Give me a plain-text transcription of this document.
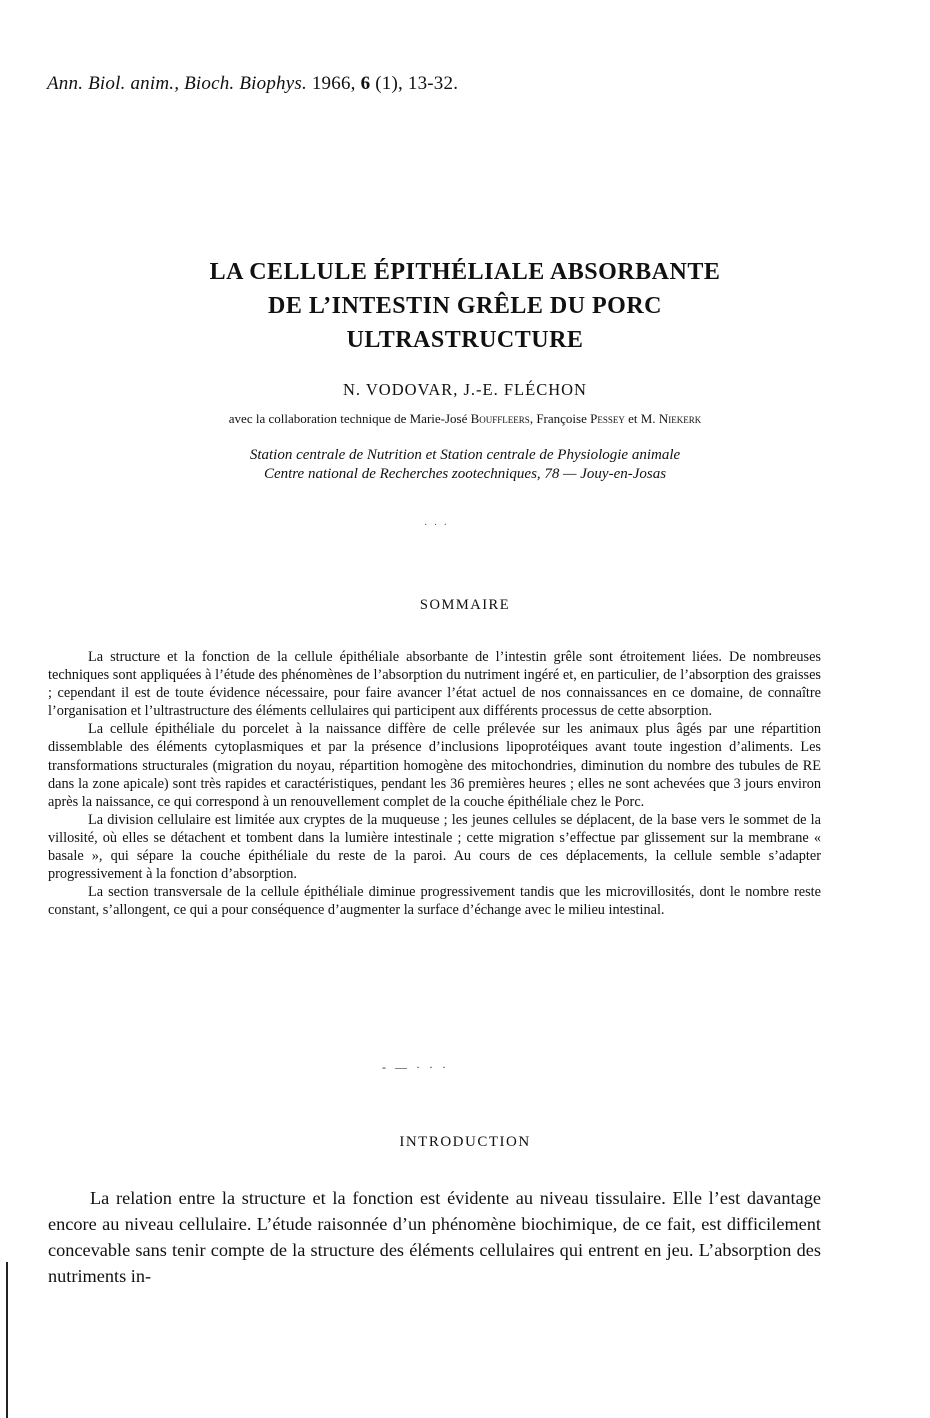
Ann. Biol. anim., Bioch. Biophys. 1966, 6 (1), 13-32.
LA CELLULE ÉPITHÉLIALE ABSORBANTE
DE L’INTESTIN GRÊLE DU PORC
ULTRASTRUCTURE
N. VODOVAR, J.-E. FLÉCHON
avec la collaboration technique de Marie-José Bouffleers, Françoise Pessey et M. Niekerk
Station centrale de Nutrition et Station centrale de Physiologie animale
Centre national de Recherches zootechniques, 78 — Jouy-en-Josas
· · ·
SOMMAIRE

La structure et la fonction de la cellule épithéliale absorbante de l’intestin grêle sont étroitement liées. De nombreuses techniques sont appliquées à l’étude des phénomènes de l’absorption du nutriment ingéré et, en particulier, de l’absorption des graisses ; cependant il est de toute évidence nécessaire, pour faire avancer l’état actuel de nos connaissances en ce domaine, de connaître l’organisation et l’ultrastructure des éléments cellulaires qui participent aux différents processus de cette absorption.

La cellule épithéliale du porcelet à la naissance diffère de celle prélevée sur les animaux plus âgés par une répartition dissemblable des éléments cytoplasmiques et par la présence d’inclusions lipoprotéiques avant toute ingestion d’aliments. Les transformations structurales (migration du noyau, répartition homogène des mitochondries, diminution du nombre des tubules de RE dans la zone apicale) sont très rapides et caractéristiques, pendant les 36 premières heures ; elles ne sont achevées que 3 jours environ après la naissance, ce qui correspond à un renouvellement complet de la couche épithéliale chez le Porc.

La division cellulaire est limitée aux cryptes de la muqueuse ; les jeunes cellules se déplacent, de la base vers le sommet de la villosité, où elles se détachent et tombent dans la lumière intestinale ; cette migration s’effectue par glissement sur la membrane « basale », qui sépare la couche épithéliale du reste de la paroi. Au cours de ces déplacements, la cellule semble s’adapter progressivement à la fonction d’absorption.

La section transversale de la cellule épithéliale diminue progressivement tandis que les microvillosités, dont le nombre reste constant, s’allongent, ce qui a pour conséquence d’augmenter la surface d’échange avec le milieu intestinal.

- — · · ·
INTRODUCTION

La relation entre la structure et la fonction est évidente au niveau tissulaire. Elle l’est davantage encore au niveau cellulaire. L’étude raisonnée d’un phénomène biochimique, de ce fait, est difficilement concevable sans tenir compte de la structure des éléments cellulaires qui entrent en jeu. L’absorption des nutriments in-
